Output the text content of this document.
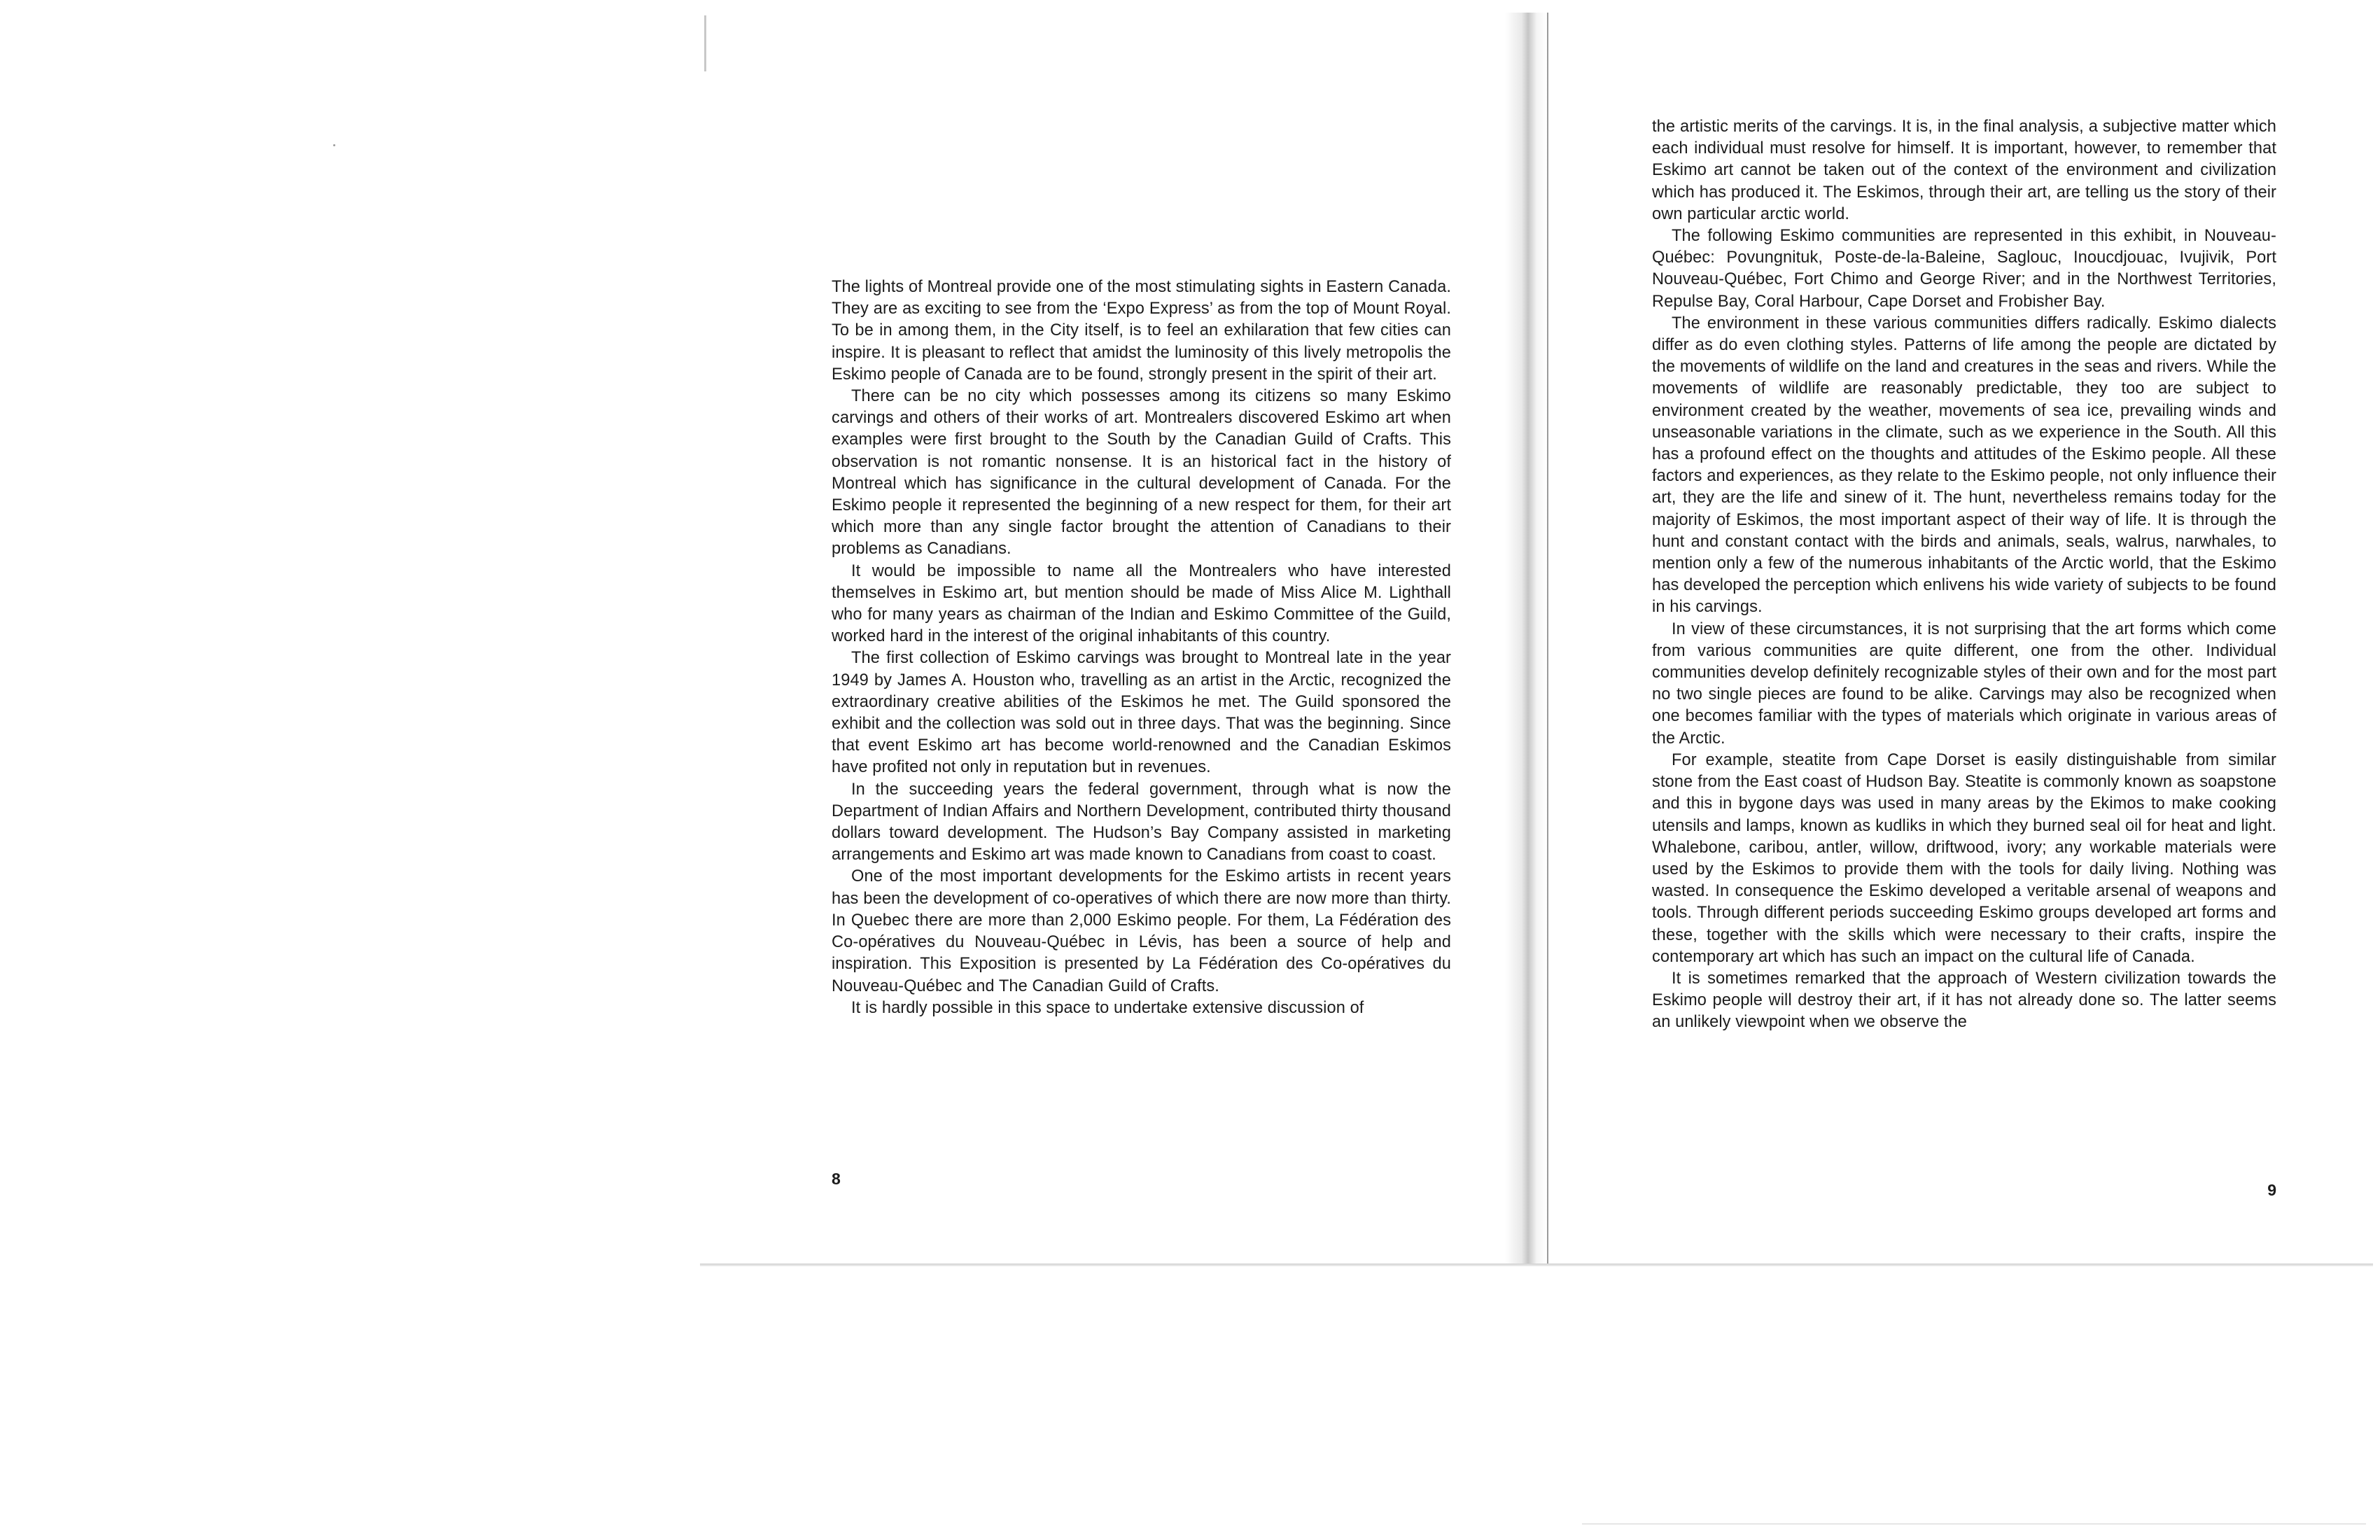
The lights of Montreal provide one of the most stimulating sights in Eastern Canada. They are as exciting to see from the ‘Expo Express’ as from the top of Mount Royal. To be in among them, in the City itself, is to feel an exhilaration that few cities can inspire. It is pleasant to reflect that amidst the luminosity of this lively metropolis the Eskimo people of Canada are to be found, strongly present in the spirit of their art.

There can be no city which possesses among its citizens so many Eskimo carvings and others of their works of art. Montrealers discovered Eskimo art when examples were first brought to the South by the Canadian Guild of Crafts. This observation is not romantic nonsense. It is an historical fact in the history of Montreal which has significance in the cultural development of Canada. For the Eskimo people it represented the beginning of a new respect for them, for their art which more than any single factor brought the attention of Canadians to their problems as Canadians.

It would be impossible to name all the Montrealers who have interested themselves in Eskimo art, but mention should be made of Miss Alice M. Lighthall who for many years as chairman of the Indian and Eskimo Committee of the Guild, worked hard in the interest of the original inhabitants of this country.

The first collection of Eskimo carvings was brought to Montreal late in the year 1949 by James A. Houston who, travelling as an artist in the Arctic, recognized the extraordinary creative abilities of the Eskimos he met. The Guild sponsored the exhibit and the collection was sold out in three days. That was the beginning. Since that event Eskimo art has become world-renowned and the Canadian Eskimos have profited not only in reputation but in revenues.

In the succeeding years the federal government, through what is now the Department of Indian Affairs and Northern Development, contributed thirty thousand dollars toward development. The Hudson’s Bay Company assisted in marketing arrangements and Eskimo art was made known to Canadians from coast to coast.

One of the most important developments for the Eskimo artists in recent years has been the development of co-operatives of which there are now more than thirty. In Quebec there are more than 2,000 Eskimo people. For them, La Fédération des Co-opératives du Nouveau-Québec in Lévis, has been a source of help and inspiration. This Exposition is presented by La Fédération des Co-opératives du Nouveau-Québec and The Canadian Guild of Crafts.

It is hardly possible in this space to undertake extensive discussion of

8

the artistic merits of the carvings. It is, in the final analysis, a subjective matter which each individual must resolve for himself. It is important, however, to remember that Eskimo art cannot be taken out of the context of the environment and civilization which has produced it. The Eskimos, through their art, are telling us the story of their own particular arctic world.

The following Eskimo communities are represented in this exhibit, in Nouveau-Québec: Povungnituk, Poste-de-la-Baleine, Saglouc, Inoucdjouac, Ivujivik, Port Nouveau-Québec, Fort Chimo and George River; and in the Northwest Territories, Repulse Bay, Coral Harbour, Cape Dorset and Frobisher Bay.

The environment in these various communities differs radically. Eskimo dialects differ as do even clothing styles. Patterns of life among the people are dictated by the movements of wildlife on the land and creatures in the seas and rivers. While the movements of wildlife are reasonably predictable, they too are subject to environment created by the weather, movements of sea ice, prevailing winds and unseasonable variations in the climate, such as we experience in the South. All this has a profound effect on the thoughts and attitudes of the Eskimo people. All these factors and experiences, as they relate to the Eskimo people, not only influence their art, they are the life and sinew of it. The hunt, nevertheless remains today for the majority of Eskimos, the most important aspect of their way of life. It is through the hunt and constant contact with the birds and animals, seals, walrus, narwhales, to mention only a few of the numerous inhabitants of the Arctic world, that the Eskimo has developed the perception which enlivens his wide variety of subjects to be found in his carvings.

In view of these circumstances, it is not surprising that the art forms which come from various communities are quite different, one from the other. Individual communities develop definitely recognizable styles of their own and for the most part no two single pieces are found to be alike. Carvings may also be recognized when one becomes familiar with the types of materials which originate in various areas of the Arctic.

For example, steatite from Cape Dorset is easily distinguishable from similar stone from the East coast of Hudson Bay. Steatite is commonly known as soapstone and this in bygone days was used in many areas by the Ekimos to make cooking utensils and lamps, known as kudliks in which they burned seal oil for heat and light. Whalebone, caribou, antler, willow, driftwood, ivory; any workable materials were used by the Eskimos to provide them with the tools for daily living. Nothing was wasted. In consequence the Eskimo developed a veritable arsenal of weapons and tools. Through different periods succeeding Eskimo groups developed art forms and these, together with the skills which were necessary to their crafts, inspire the contemporary art which has such an impact on the cultural life of Canada.

It is sometimes remarked that the approach of Western civilization towards the Eskimo people will destroy their art, if it has not already done so. The latter seems an unlikely viewpoint when we observe the

9
